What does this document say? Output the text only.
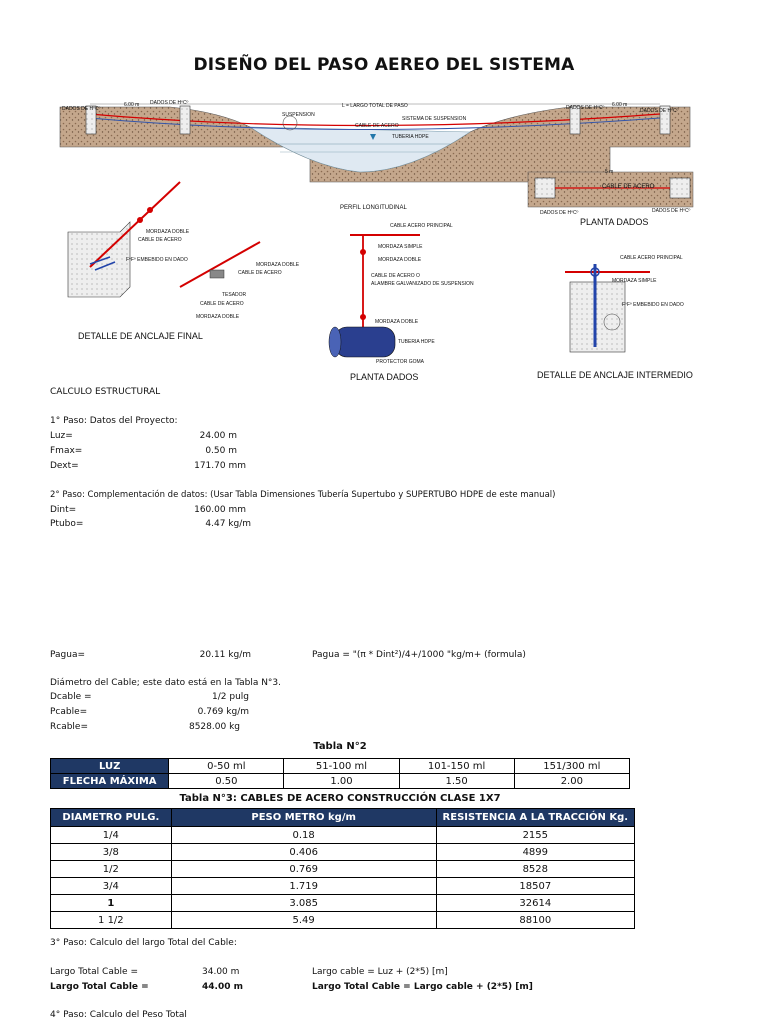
DISEÑO DEL PASO AEREO DEL SISTEMA
DADOS DE HºCº
6.00 m DADOS DE HºCº
SUSPENSION
L = LARGO TOTAL DE PASO
SISTEMA DE SUSPENSION
CABLE DE ACERO
TUBERIA HDPE
DADOS DE HºCº 6.00 m
DADOS DE HºCº
PERFIL LONGITUDINAL
5 m
CABLE DE ACERO
DADOS DE HºCº	DADOS DE HºCº
PLANTA DADOS
MORDAZA DOBLE
CABLE DE ACERO
FºFº EMBEBIDO EN DADO
MORDAZA DOBLE
CABLE DE ACERO
TESADOR
CABLE DE ACERO
MORDAZA DOBLE
DETALLE DE ANCLAJE FINAL
CABLE ACERO PRINCIPAL
MORDAZA SIMPLE
MORDAZA DOBLE
CABLE DE ACERO O
ALAMBRE GALVANIZADO DE SUSPENSION
MORDAZA DOBLE
TUBERIA HDPE
PROTECTOR GOMA
PLANTA DADOS
CABLE ACERO PRINCIPAL
MORDAZA SIMPLE
FºFº EMBEBIDO EN DADO
DETALLE DE ANCLAJE INTERMEDIO
CALCULO ESTRUCTURAL
1° Paso: Datos del Proyecto:
Luz=	24.00 m
Fmax=	0.50 m
Dext=	171.70 mm
2° Paso: Complementación de datos: (Usar Tabla Dimensiones Tubería Supertubo y SUPERTUBO HDPE de este manual)
Dint=	160.00 mm
Ptubo=	4.47 kg/m
Pagua=	20.11 kg/m	Pagua = "(π * Dint²)/4+/1000 "kg/m+ (formula)
Diámetro del Cable; este dato está en la Tabla N°3.
Dcable =	1/2 pulg
Pcable=	0.769 kg/m
Rcable=	8528.00 kg
Tabla N°2
LUZ	0-50 ml	51-100 ml	101-150 ml	151/300 ml
FLECHA MÁXIMA	0.50	1.00	1.50	2.00
Tabla N°3: CABLES DE ACERO CONSTRUCCIÓN CLASE 1X7
DIAMETRO PULG.	PESO METRO kg/m	RESISTENCIA A LA TRACCIÓN Kg.
1/4	0.18	2155
3/8	0.406	4899
1/2	0.769	8528
3/4	1.719	18507
1	3.085	32614
1 1/2	5.49	88100
3° Paso: Calculo del largo Total del Cable:
Largo Total Cable =	34.00 m	Largo cable = Luz + (2*5) [m]
Largo Total Cable =	44.00 m	Largo Total Cable = Largo cable + (2*5) [m]
4° Paso: Calculo del Peso Total
